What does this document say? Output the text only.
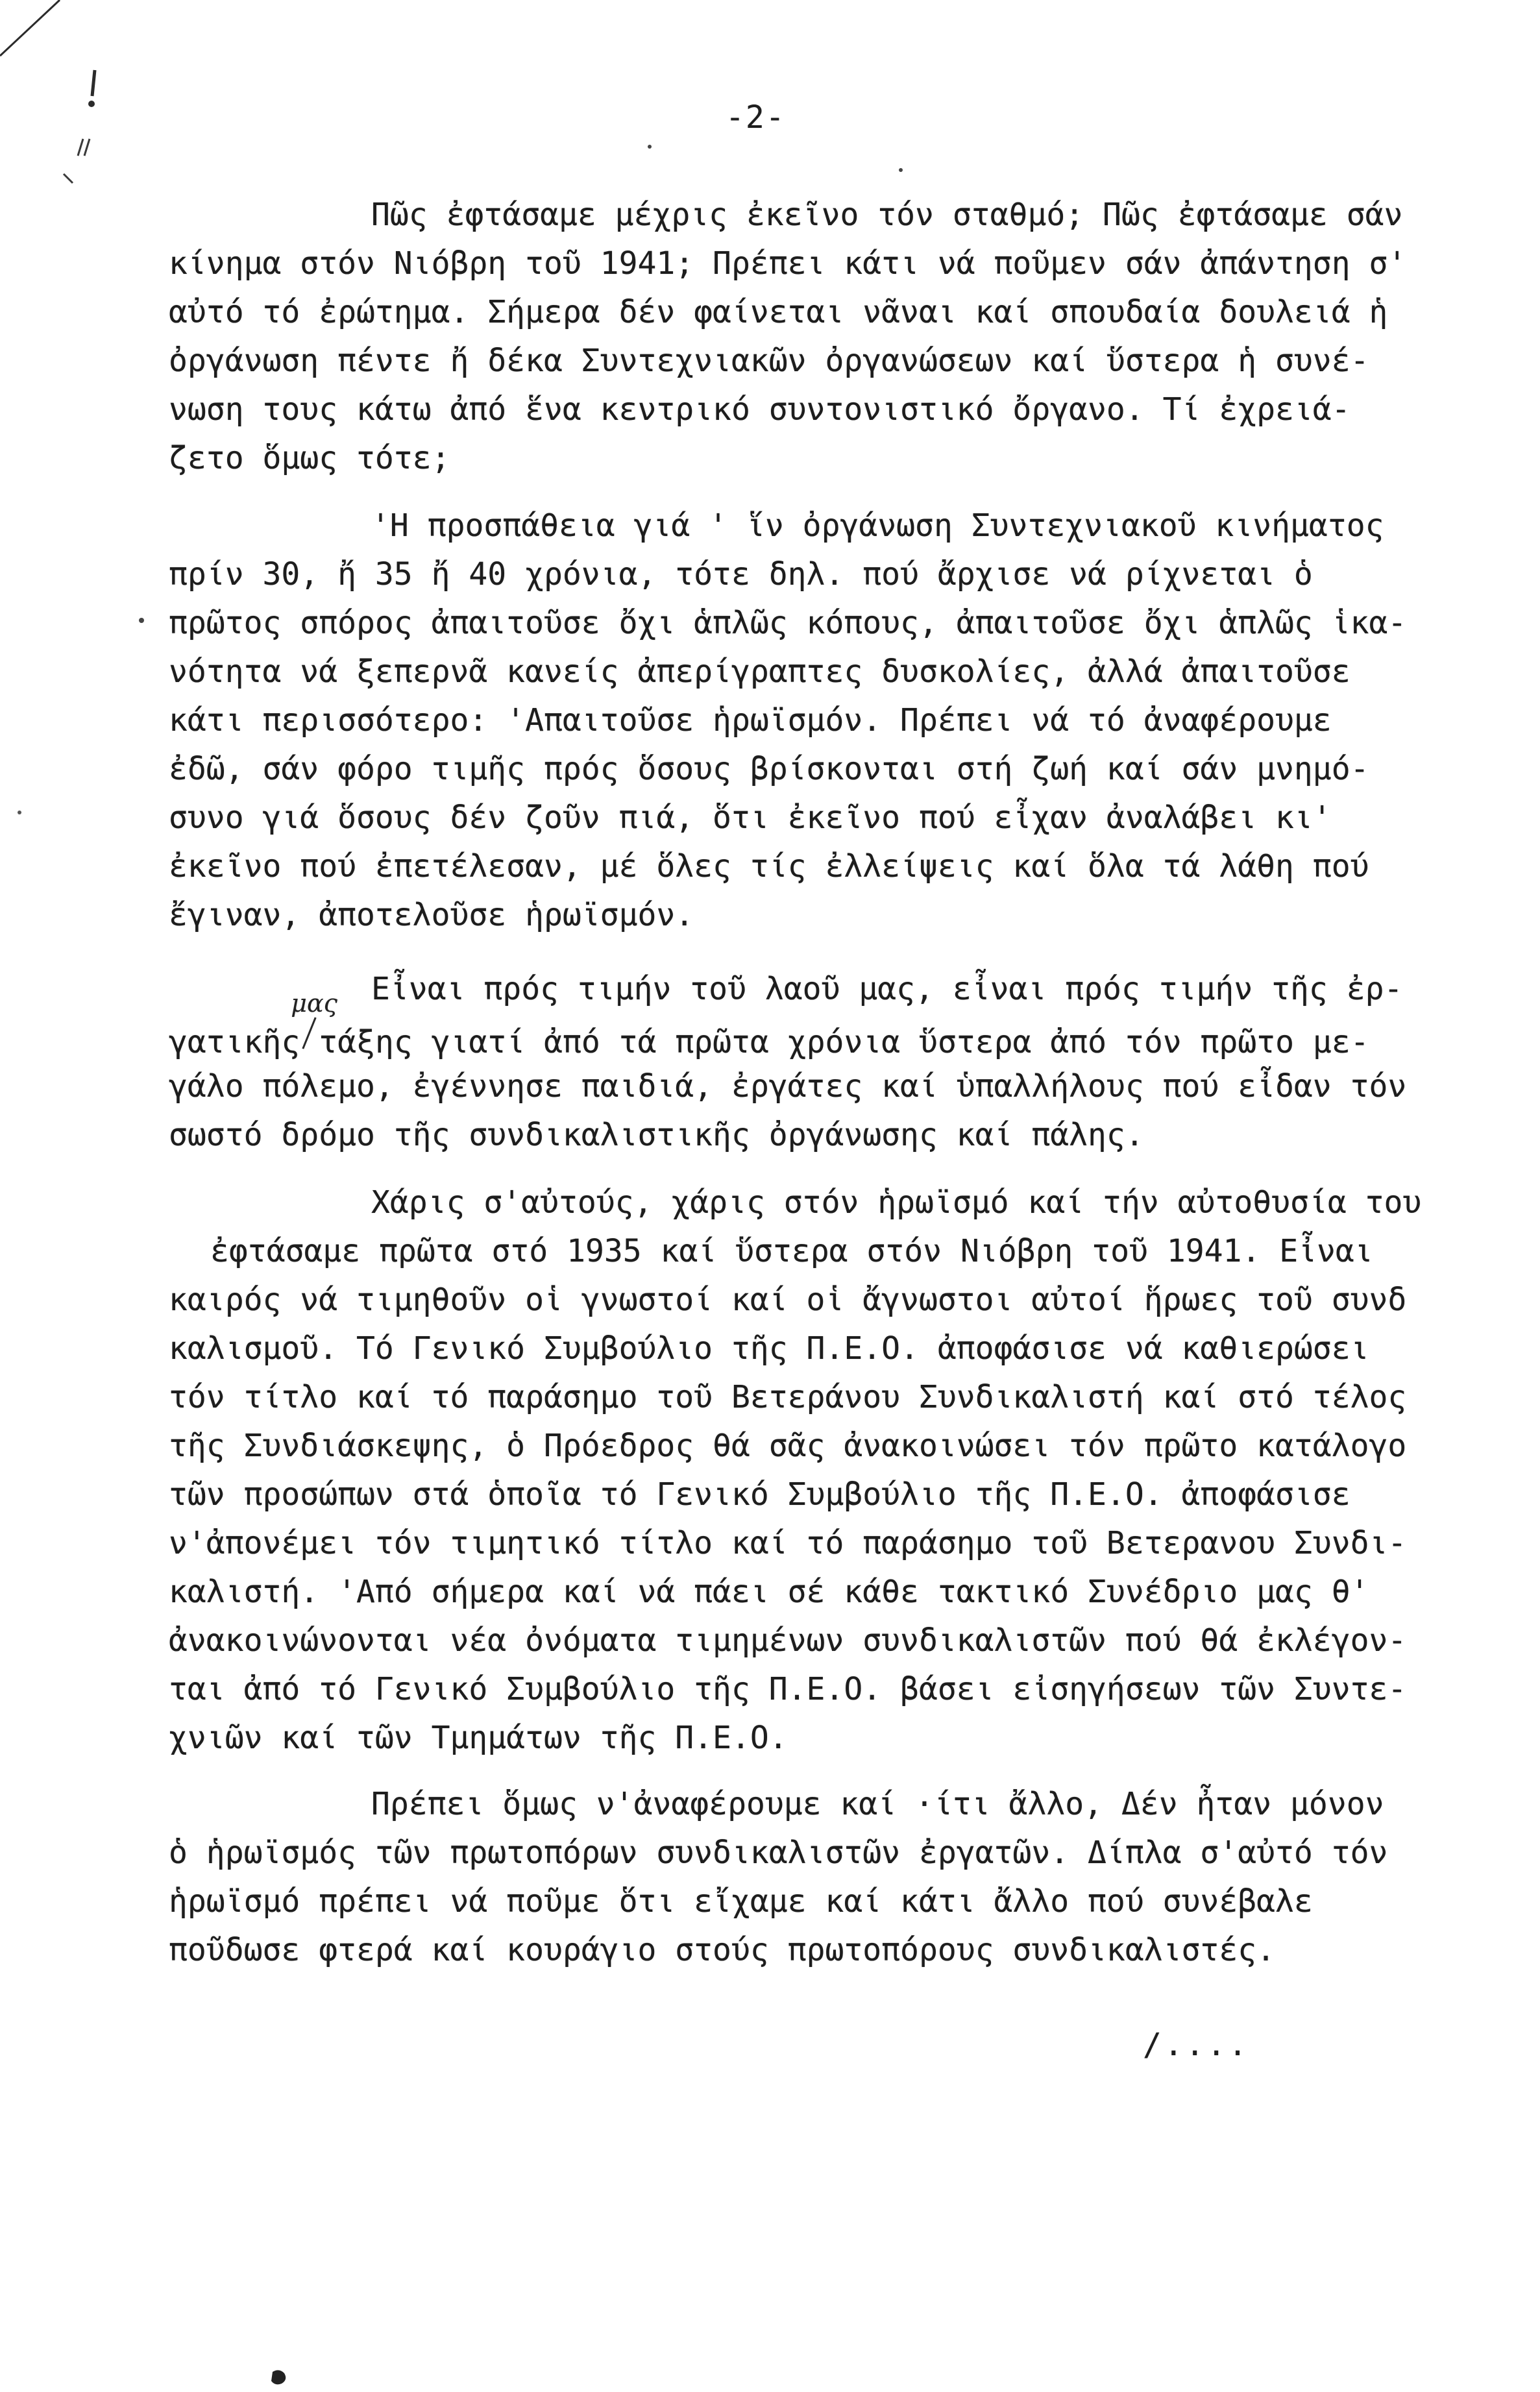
-2-
Πῶς ἐφτάσαμε μέχρις ἐκεῖνο τόν σταθμό; Πῶς ἐφτάσαμε σάν
κίνημα στόν Νιόβρη τοῦ 1941; Πρέπει κάτι νά ποῦμεν σάν ἀπάντηση σ'
αὐτό τό ἐρώτημα. Σήμερα δέν φαίνεται νᾶναι καί σπουδαία δουλειά ἡ
ὀργάνωση πέντε ἤ δέκα Συντεχνιακῶν ὀργανώσεων καί ὕστερα ἡ συνέ-
νωση τους κάτω ἀπό ἕνα κεντρικό συντονιστικό ὄργανο. Τί ἐχρειά-
ζετο ὅμως τότε;
'Η προσπάθεια γιά ' ἵν ὀργάνωση Συντεχνιακοῦ κινήματος
πρίν 30, ἤ 35 ἤ 40 χρόνια, τότε δηλ. πού ἄρχισε νά ρίχνεται ὁ
πρῶτος σπόρος ἀπαιτοῦσε ὄχι ἁπλῶς κόπους, ἀπαιτοῦσε ὄχι ἁπλῶς ἱκα-
νότητα νά ξεπερνᾶ κανείς ἀπερίγραπτες δυσκολίες, ἀλλά ἀπαιτοῦσε
κάτι περισσότερο: 'Απαιτοῦσε ἡρωϊσμόν. Πρέπει νά τό ἀναφέρουμε
ἐδῶ, σάν φόρο τιμῆς πρός ὅσους βρίσκονται στή ζωή καί σάν μνημό-
συνο γιά ὅσους δέν ζοῦν πιά, ὅτι ἐκεῖνο πού εἶχαν ἀναλάβει κι'
ἐκεῖνο πού ἐπετέλεσαν, μέ ὅλες τίς ἐλλείψεις καί ὅλα τά λάθη πού
ἔγιναν, ἀποτελοῦσε ἡρωϊσμόν.
Εἶναι πρός τιμήν τοῦ λαοῦ μας, εἶναι πρός τιμήν τῆς ἐρ-
γατικῆς
μας
τάξης γιατί ἀπό τά πρῶτα χρόνια ὕστερα ἀπό τόν πρῶτο με-
γάλο πόλεμο, ἐγέννησε παιδιά, ἐργάτες καί ὑπαλλήλους πού εἶδαν τόν
σωστό δρόμο τῆς συνδικαλιστικῆς ὀργάνωσης καί πάλης.
Χάρις σ'αὐτούς, χάρις στόν ἡρωϊσμό καί τήν αὐτοθυσία του
ἐφτάσαμε πρῶτα στό 1935 καί ὕστερα στόν Νιόβρη τοῦ 1941. Εἶναι
καιρός νά τιμηθοῦν οἱ γνωστοί καί οἱ ἄγνωστοι αὐτοί ἥρωες τοῦ συνδ
καλισμοῦ. Τό Γενικό Συμβούλιο τῆς Π.Ε.Ο. ἀποφάσισε νά καθιερώσει
τόν τίτλο καί τό παράσημο τοῦ Βετεράνου Συνδικαλιστή καί στό τέλος
τῆς Συνδιάσκεψης, ὁ Πρόεδρος θά σᾶς ἀνακοινώσει τόν πρῶτο κατάλογο
τῶν προσώπων στά ὁποῖα τό Γενικό Συμβούλιο τῆς Π.Ε.Ο. ἀποφάσισε
ν'ἀπονέμει τόν τιμητικό τίτλο καί τό παράσημο τοῦ Βετερανου Συνδι-
καλιστή. 'Από σήμερα καί νά πάει σέ κάθε τακτικό Συνέδριο μας θ'
ἀνακοινώνονται νέα ὀνόματα τιμημένων συνδικαλιστῶν πού θά ἐκλέγον-
ται ἀπό τό Γενικό Συμβούλιο τῆς Π.Ε.Ο. βάσει εἰσηγήσεων τῶν Συντε-
χνιῶν καί τῶν Τμημάτων τῆς Π.Ε.Ο.
Πρέπει ὅμως ν'ἀναφέρουμε καί ·ίτι ἄλλο, Δέν ἦταν μόνον
ὁ ἡρωϊσμός τῶν πρωτοπόρων συνδικαλιστῶν ἐργατῶν. Δίπλα σ'αὐτό τόν
ἡρωϊσμό πρέπει νά ποῦμε ὅτι εἴχαμε καί κάτι ἄλλο πού συνέβαλε
ποῦδωσε φτερά καί κουράγιο στούς πρωτοπόρους συνδικαλιστές.
/....
